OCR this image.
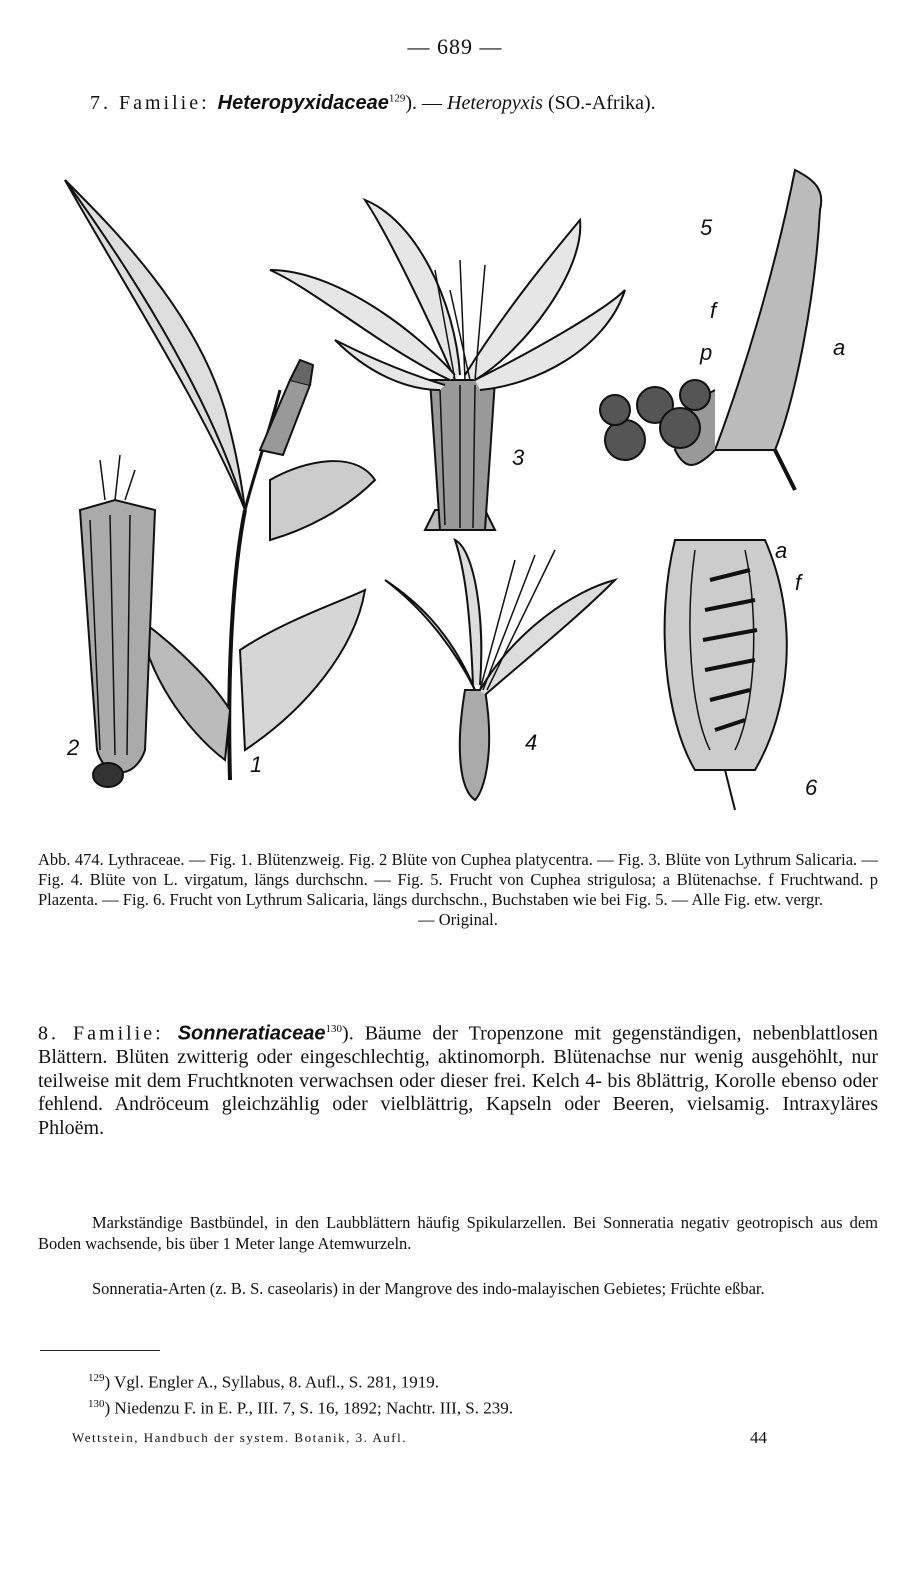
— 689 —
7. Familie: Heteropyxidaceae$^{129}$). — Heteropyxis (SO.-Afrika).
1
2
3
4
5
6
f
p	a
a
f
Abb. 474. Lythraceae. — Fig. 1. Blütenzweig. Fig. 2 Blüte von Cuphea platycentra. — Fig. 3. Blüte von Lythrum Salicaria. — Fig. 4. Blüte von L. virgatum, längs durchschn. — Fig. 5. Frucht von Cuphea strigulosa; a Blütenachse. f Fruchtwand. p Plazenta. — Fig. 6. Frucht von Lythrum Salicaria, längs durchschn., Buchstaben wie bei Fig. 5. — Alle Fig. etw. vergr.
— Original.
8. Familie: Sonneratiaceae$^{130}$). Bäume der Tropenzone mit gegenständigen, nebenblattlosen Blättern. Blüten zwitterig oder eingeschlechtig, aktinomorph. Blütenachse nur wenig ausgehöhlt, nur teilweise mit dem Fruchtknoten verwachsen oder dieser frei. Kelch 4- bis 8blättrig, Korolle ebenso oder fehlend. Andröceum gleichzählig oder vielblättrig, Kapseln oder Beeren, vielsamig. Intraxyläres Phloëm.
Markständige Bastbündel, in den Laubblättern häufig Spikularzellen. Bei Sonneratia negativ geotropisch aus dem Boden wachsende, bis über 1 Meter lange Atemwurzeln.
Sonneratia-Arten (z. B. S. caseolaris) in der Mangrove des indo-malayischen Gebietes; Früchte eßbar.
$^{129}$) Vgl. Engler A., Syllabus, 8. Aufl., S. 281, 1919.
$^{130}$) Niedenzu F. in E. P., III. 7, S. 16, 1892; Nachtr. III, S. 239.
Wettstein, Handbuch der system. Botanik, 3. Aufl.	44
